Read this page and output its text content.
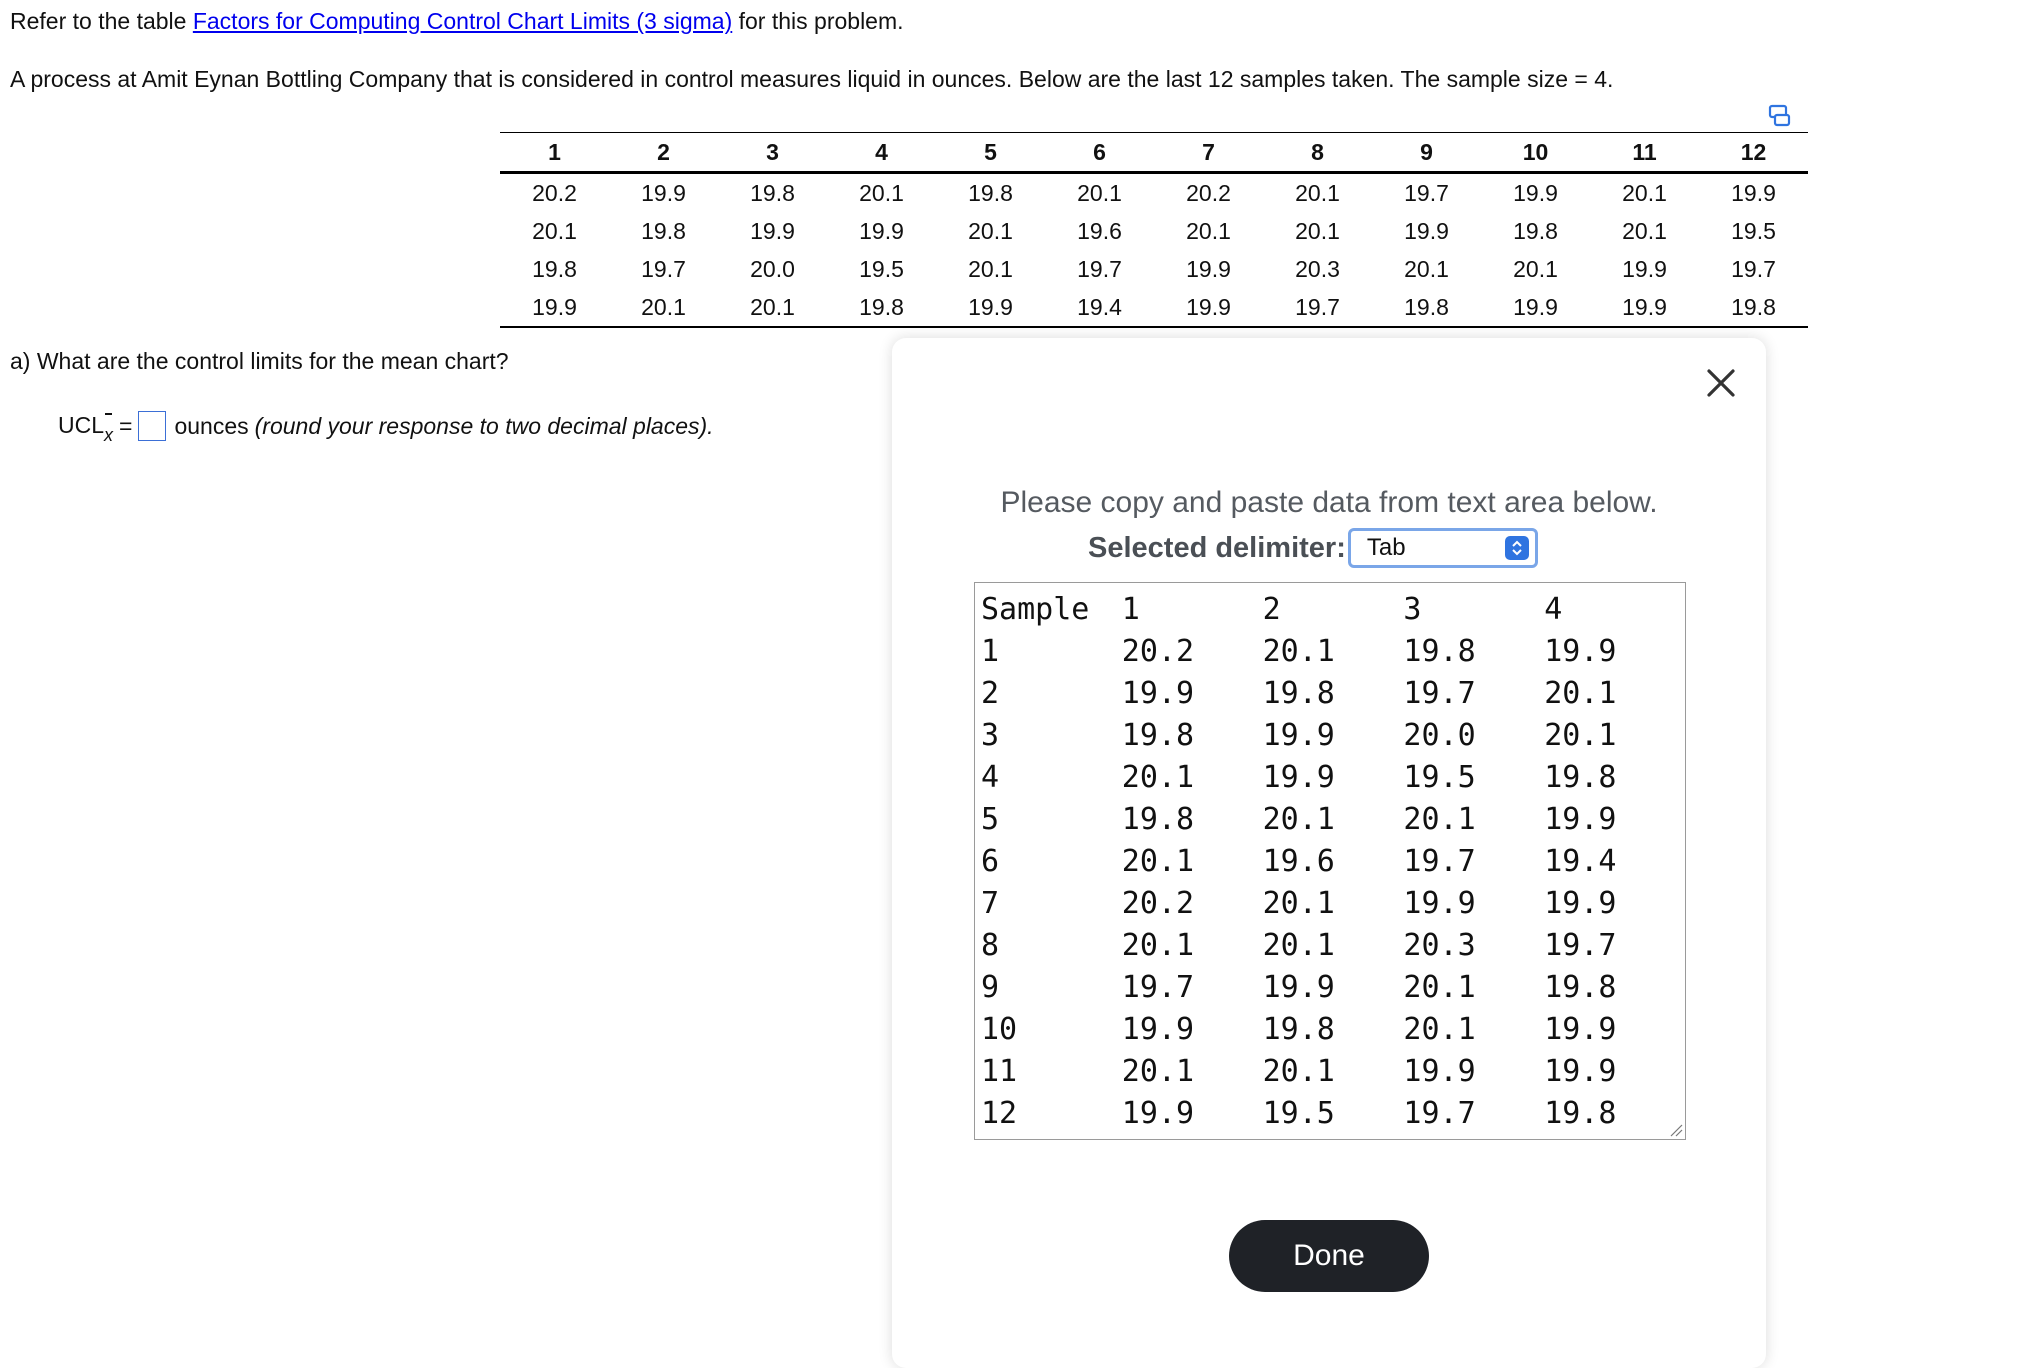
Refer to the table Factors for Computing Control Chart Limits (3 sigma) for this problem.
A process at Amit Eynan Bottling Company that is considered in control measures liquid in ounces. Below are the last 12 samples taken. The sample size = 4.
1	2	3	4	5	6	7	8	9	10	11	12
20.2	19.9	19.8	20.1	19.8	20.1	20.2	20.1	19.7	19.9	20.1	19.9
20.1	19.8	19.9	19.9	20.1	19.6	20.1	20.1	19.9	19.8	20.1	19.5
19.8	19.7	20.0	19.5	20.1	19.7	19.9	20.3	20.1	20.1	19.9	19.7
19.9	20.1	20.1	19.8	19.9	19.4	19.9	19.7	19.8	19.9	19.9	19.8
a) What are the control limits for the mean chart?
UCLx = ounces (round your response to two decimal places).
Please copy and paste data from text area below.
Selected delimiter: Tab
Sample	1	2	3	4
1	20.2	20.1	19.8	19.9
2	19.9	19.8	19.7	20.1
3	19.8	19.9	20.0	20.1
4	20.1	19.9	19.5	19.8
5	19.8	20.1	20.1	19.9
6	20.1	19.6	19.7	19.4
7	20.2	20.1	19.9	19.9
8	20.1	20.1	20.3	19.7
9	19.7	19.9	20.1	19.8
10	19.9	19.8	20.1	19.9
11	20.1	20.1	19.9	19.9
12	19.9	19.5	19.7	19.8
Done
